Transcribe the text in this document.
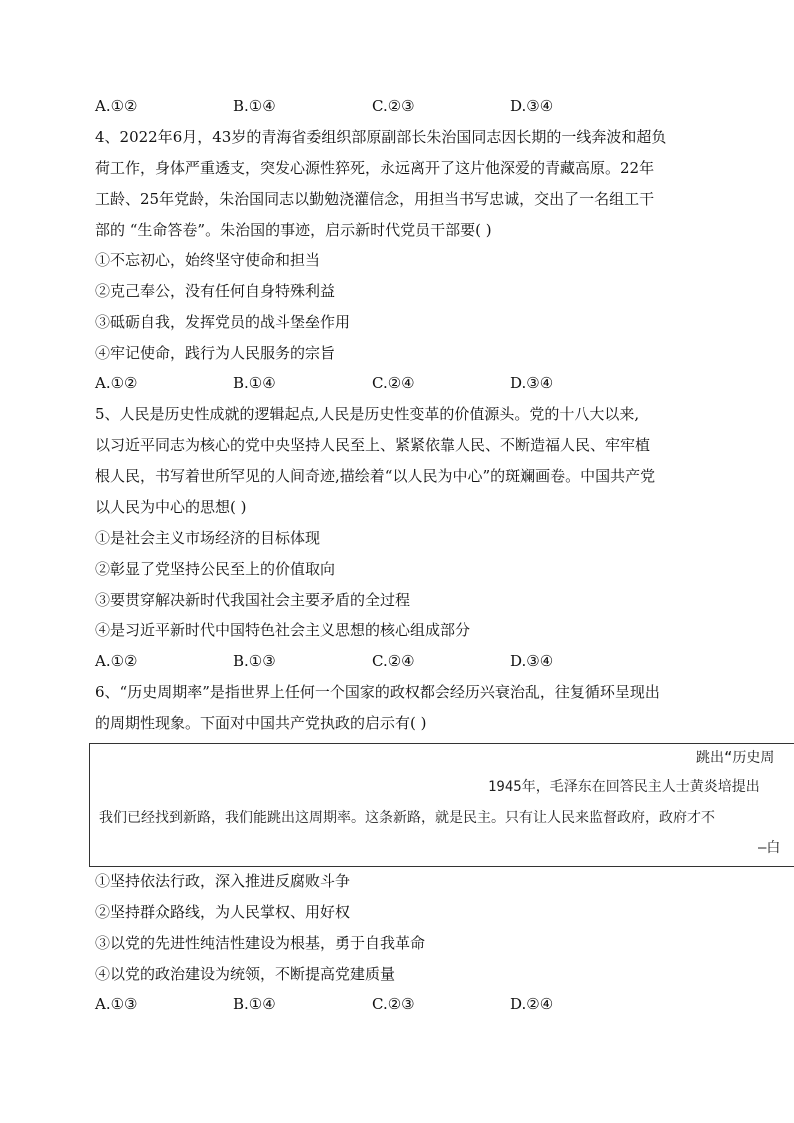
A.①②	B.①④	C.②③	D.③④
4、2022年6月，43岁的青海省委组织部原副部长朱治国同志因长期的一线奔波和超负
荷工作，身体严重透支，突发心源性猝死，永远离开了这片他深爱的青藏高原。22年
工龄、25年党龄，朱治国同志以勤勉浇灌信念，用担当书写忠诚，交出了一名组工干
部的 “生命答卷”。朱治国的事迹，启示新时代党员干部要( )
①不忘初心，始终坚守使命和担当
②克己奉公，没有任何自身特殊利益
③砥砺自我，发挥党员的战斗堡垒作用
④牢记使命，践行为人民服务的宗旨
A.①②	B.①④	C.②④	D.③④
5、人民是历史性成就的逻辑起点,人民是历史性变革的价值源头。党的十八大以来,
以习近平同志为核心的党中央坚持人民至上、紧紧依靠人民、不断造福人民、牢牢植
根人民，书写着世所罕见的人间奇迹,描绘着“以人民为中心”的斑斓画卷。中国共产党
以人民为中心的思想( )
①是社会主义市场经济的目标体现
②彰显了党坚持公民至上的价值取向
③要贯穿解决新时代我国社会主要矛盾的全过程
④是习近平新时代中国特色社会主义思想的核心组成部分
A.①②	B.①③	C.②④	D.③④
6、“历史周期率”是指世界上任何一个国家的政权都会经历兴衰治乱，往复循环呈现出
的周期性现象。下面对中国共产党执政的启示有( )
跳出“历史周
1945年，毛泽东在回答民主人士黄炎培提出
我们已经找到新路，我们能跳出这周期率。这条新路，就是民主。只有让人民来监督政府，政府才不
—白
①坚持依法行政，深入推进反腐败斗争
②坚持群众路线，为人民掌权、用好权
③以党的先进性纯洁性建设为根基，勇于自我革命
④以党的政治建设为统领，不断提高党建质量
A.①③	B.①④	C.②③	D.②④
